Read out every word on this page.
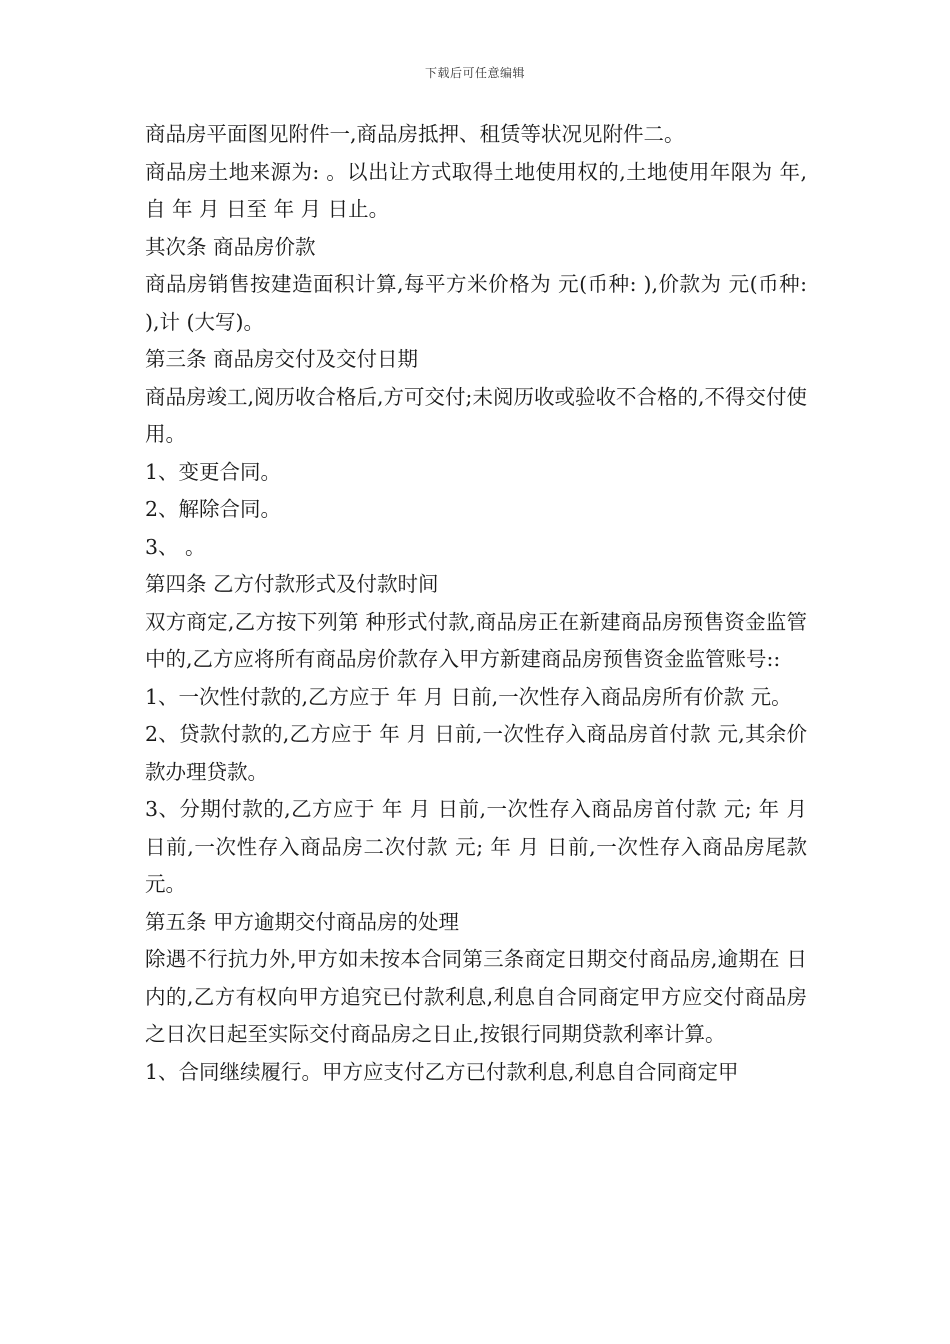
下载后可任意编辑

商品房平面图见附件一,商品房抵押、租赁等状况见附件二。

商品房土地来源为: 。以出让方式取得土地使用权的,土地使用年限为 年,自 年 月 日至 年 月 日止。

其次条 商品房价款

商品房销售按建造面积计算,每平方米价格为 元(币种: ),价款为 元(币种: ),计 (大写)。

第三条 商品房交付及交付日期

商品房竣工,阅历收合格后,方可交付;未阅历收或验收不合格的,不得交付使用。

1、变更合同。

2、解除合同。

3、 。

第四条 乙方付款形式及付款时间

双方商定,乙方按下列第 种形式付款,商品房正在新建商品房预售资金监管中的,乙方应将所有商品房价款存入甲方新建商品房预售资金监管账号::

1、一次性付款的,乙方应于 年 月 日前,一次性存入商品房所有价款 元。

2、贷款付款的,乙方应于 年 月 日前,一次性存入商品房首付款 元,其余价款办理贷款。

3、分期付款的,乙方应于 年 月 日前,一次性存入商品房首付款 元; 年 月 日前,一次性存入商品房二次付款 元; 年 月 日前,一次性存入商品房尾款 元。

第五条 甲方逾期交付商品房的处理

除遇不行抗力外,甲方如未按本合同第三条商定日期交付商品房,逾期在 日内的,乙方有权向甲方追究已付款利息,利息自合同商定甲方应交付商品房之日次日起至实际交付商品房之日止,按银行同期贷款利率计算。

1、合同继续履行。甲方应支付乙方已付款利息,利息自合同商定甲
